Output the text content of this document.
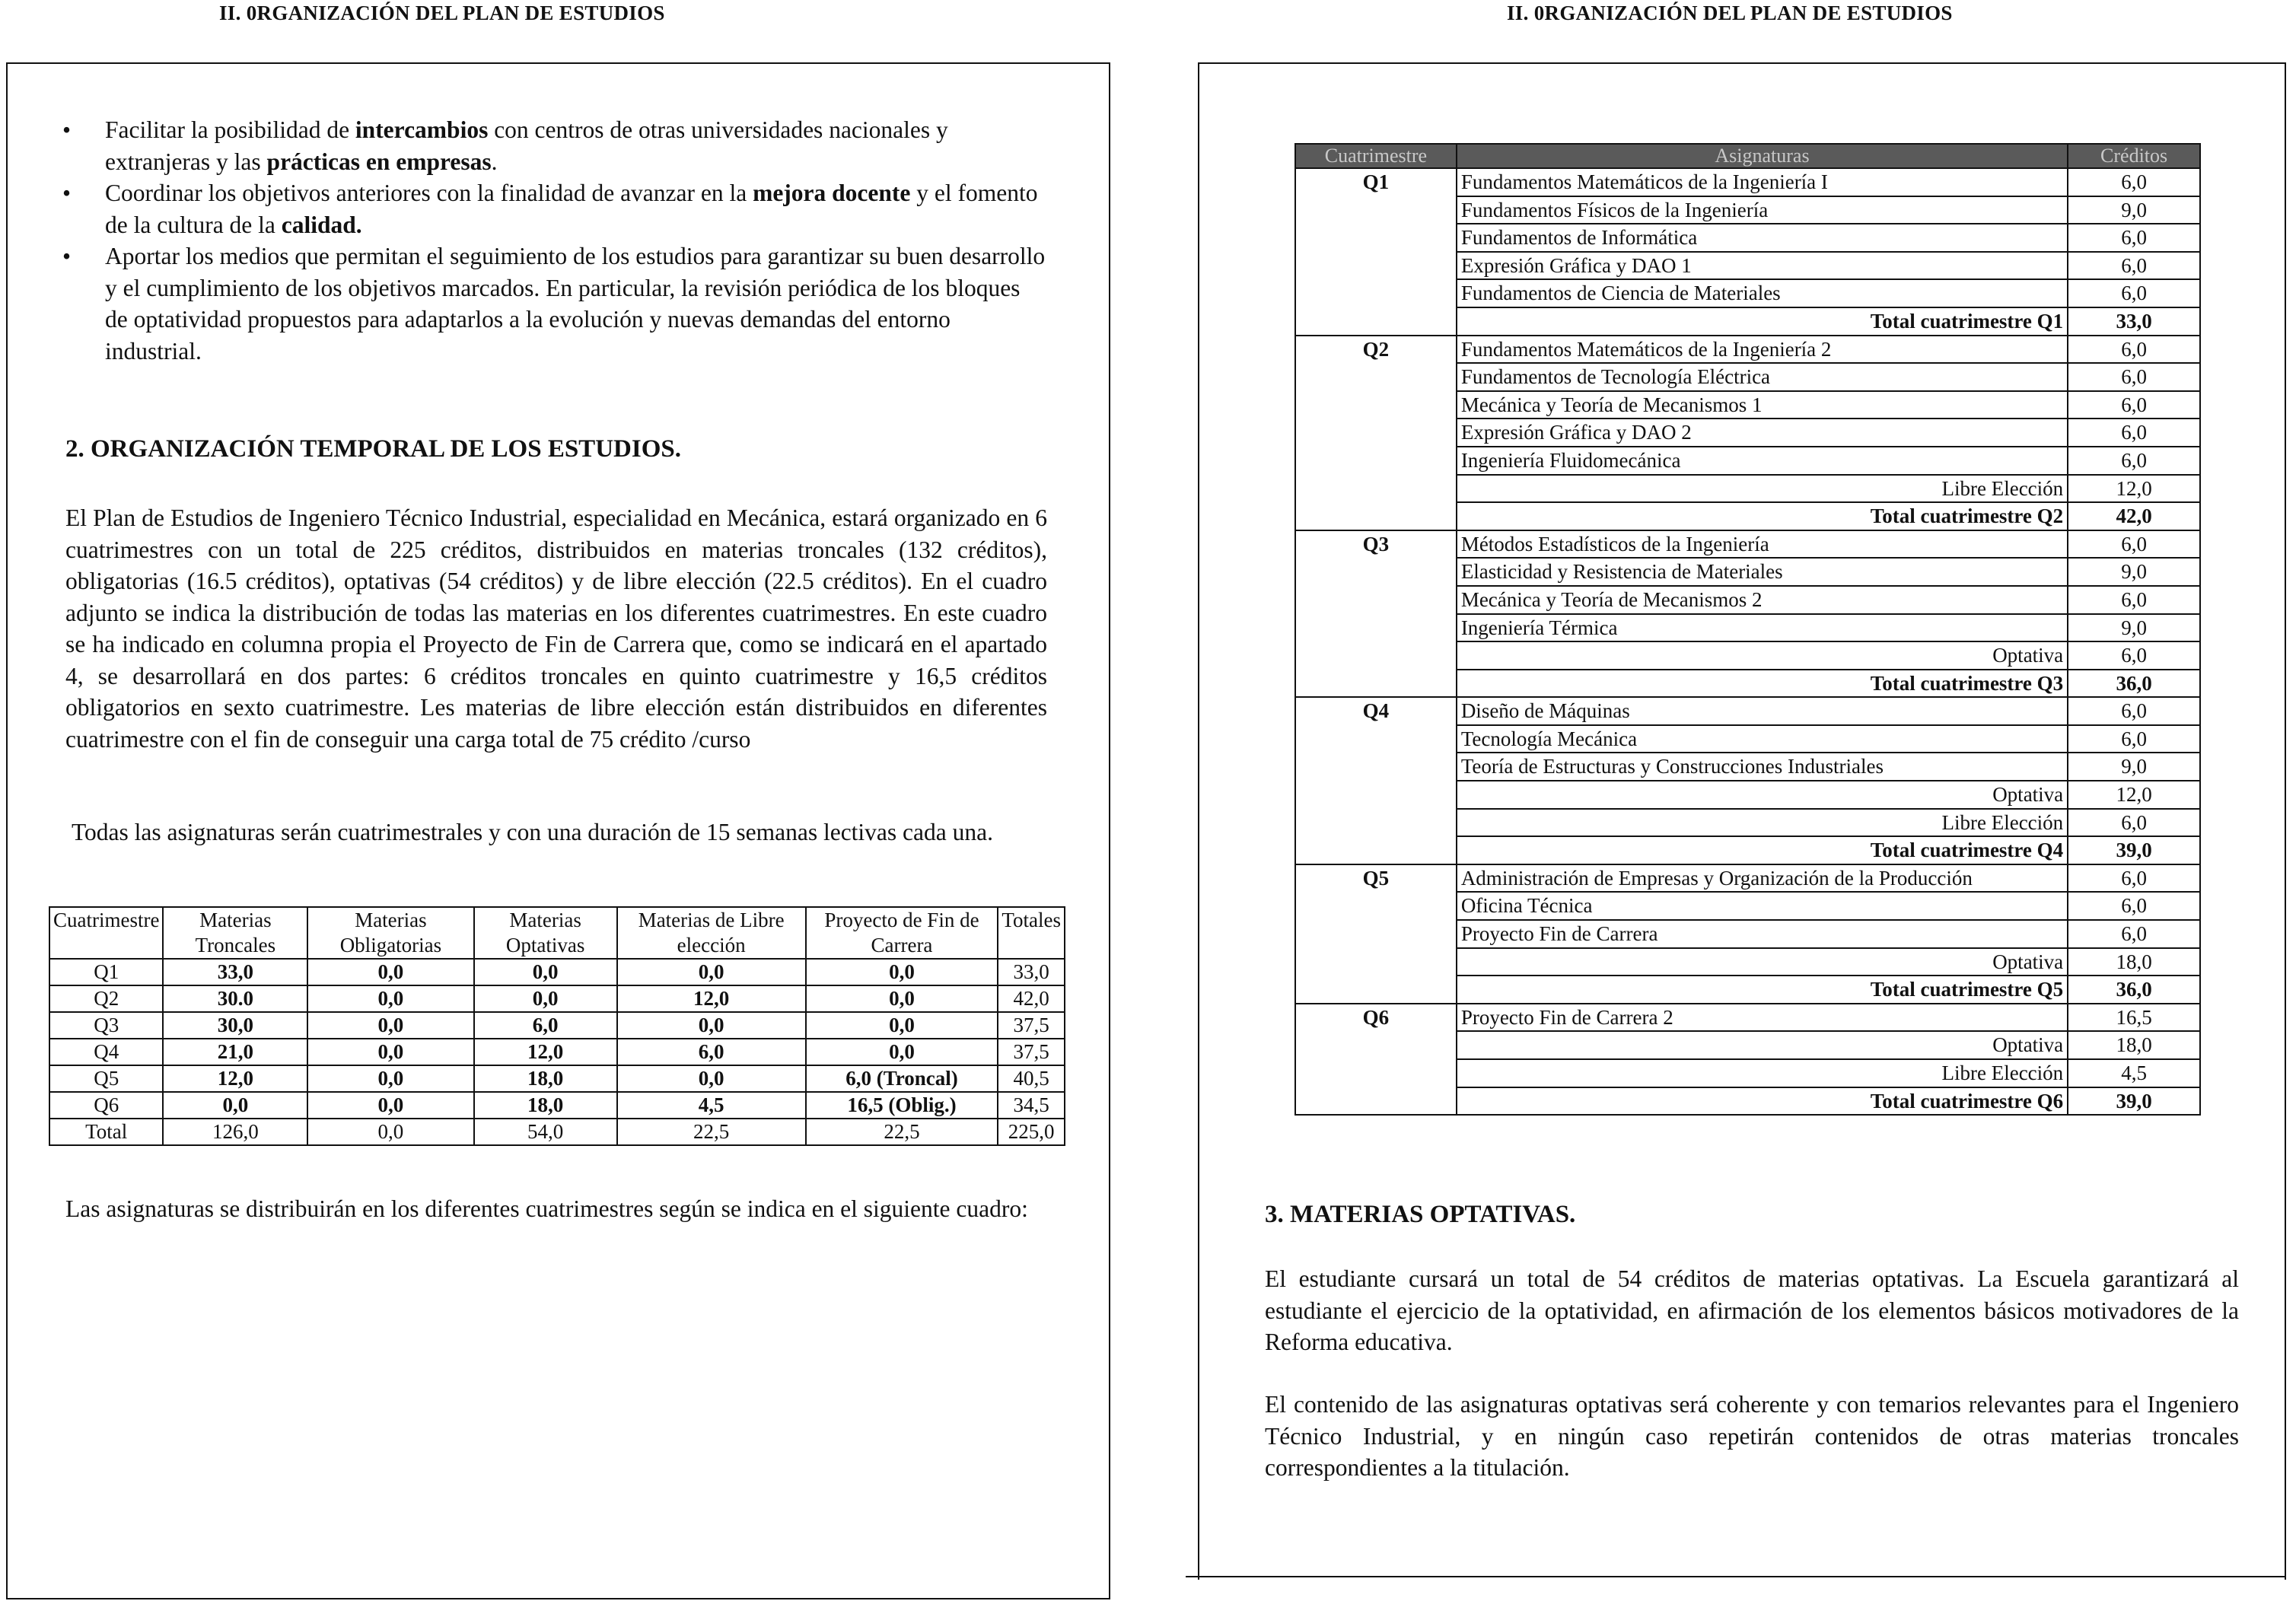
II. 0RGANIZACIÓN DEL PLAN DE ESTUDIOS
• Facilitar la posibilidad de intercambios con centros de otras universidades nacionales y extranjeras y las prácticas en empresas.
• Coordinar los objetivos anteriores con la finalidad de avanzar en la mejora docente y el fomento de la cultura de la calidad.
• Aportar los medios que permitan el seguimiento de los estudios para garantizar su buen desarrollo y el cumplimiento de los objetivos marcados. En particular, la revisión periódica de los bloques de optatividad propuestos para adaptarlos a la evolución y nuevas demandas del entorno industrial.
2. ORGANIZACIÓN TEMPORAL DE LOS ESTUDIOS.

El Plan de Estudios de Ingeniero Técnico Industrial, especialidad en Mecánica, estará organizado en 6 cuatrimestres con un total de 225 créditos, distribuidos en materias troncales (132 créditos), obligatorias (16.5 créditos), optativas (54 créditos) y de libre elección (22.5 créditos). En el cuadro adjunto se indica la distribución de todas las materias en los diferentes cuatrimestres. En este cuadro se ha indicado en columna propia el Proyecto de Fin de Carrera que, como se indicará en el apartado 4, se desarrollará en dos partes: 6 créditos troncales en quinto cuatrimestre y 16,5 créditos obligatorios en sexto cuatrimestre. Les materias de libre elección están distribuidos en diferentes cuatrimestre con el fin de conseguir una carga total de 75 crédito /curso

Todas las asignaturas serán cuatrimestrales y con una duración de 15 semanas lectivas cada una.

Cuatrimestre	Materias Troncales	Materias Obligatorias	Materias Optativas	Materias de Libre elección	Proyecto de Fin de Carrera	Totales
Q1	33,0	0,0	0,0	0,0	0,0	33,0
Q2	30.0	0,0	0,0	12,0	0,0	42,0
Q3	30,0	0,0	6,0	0,0	0,0	37,5
Q4	21,0	0,0	12,0	6,0	0,0	37,5
Q5	12,0	0,0	18,0	0,0	6,0 (Troncal)	40,5
Q6	0,0	0,0	18,0	4,5	16,5 (Oblig.)	34,5
Total	126,0	0,0	54,0	22,5	22,5	225,0

Las asignaturas se distribuirán en los diferentes cuatrimestres según se indica en el siguiente cuadro:

II. 0RGANIZACIÓN DEL PLAN DE ESTUDIOS
Cuatrimestre	Asignaturas	Créditos
Q1	Fundamentos Matemáticos de la Ingeniería I	6,0
	Fundamentos Físicos de la Ingeniería	9,0
	Fundamentos de Informática	6,0
	Expresión Gráfica y DAO 1	6,0
	Fundamentos de Ciencia de Materiales	6,0
	Total cuatrimestre Q1	33,0
Q2	Fundamentos Matemáticos de la Ingeniería 2	6,0
	Fundamentos de Tecnología Eléctrica	6,0
	Mecánica y Teoría de Mecanismos 1	6,0
	Expresión Gráfica y DAO 2	6,0
	Ingeniería Fluidomecánica	6,0
	Libre Elección	12,0
	Total cuatrimestre Q2	42,0
Q3	Métodos Estadísticos de la Ingeniería	6,0
	Elasticidad y Resistencia de Materiales	9,0
	Mecánica y Teoría de Mecanismos 2	6,0
	Ingeniería Térmica	9,0
	Optativa	6,0
	Total cuatrimestre Q3	36,0
Q4	Diseño de Máquinas	6,0
	Tecnología Mecánica	6,0
	Teoría de Estructuras y Construcciones Industriales	9,0
	Optativa	12,0
	Libre Elección	6,0
	Total cuatrimestre Q4	39,0
Q5	Administración de Empresas y Organización de la Producción	6,0
	Oficina Técnica	6,0
	Proyecto Fin de Carrera	6,0
	Optativa	18,0
	Total cuatrimestre Q5	36,0
Q6	Proyecto Fin de Carrera 2	16,5
	Optativa	18,0
	Libre Elección	4,5
	Total cuatrimestre Q6	39,0
3. MATERIAS OPTATIVAS.

El estudiante cursará un total de 54 créditos de materias optativas. La Escuela garantizará al estudiante el ejercicio de la optatividad, en afirmación de los elementos básicos motivadores de la Reforma educativa.

El contenido de las asignaturas optativas será coherente y con temarios relevantes para el Ingeniero Técnico Industrial, y en ningún caso repetirán contenidos de otras materias troncales correspondientes a la titulación.
